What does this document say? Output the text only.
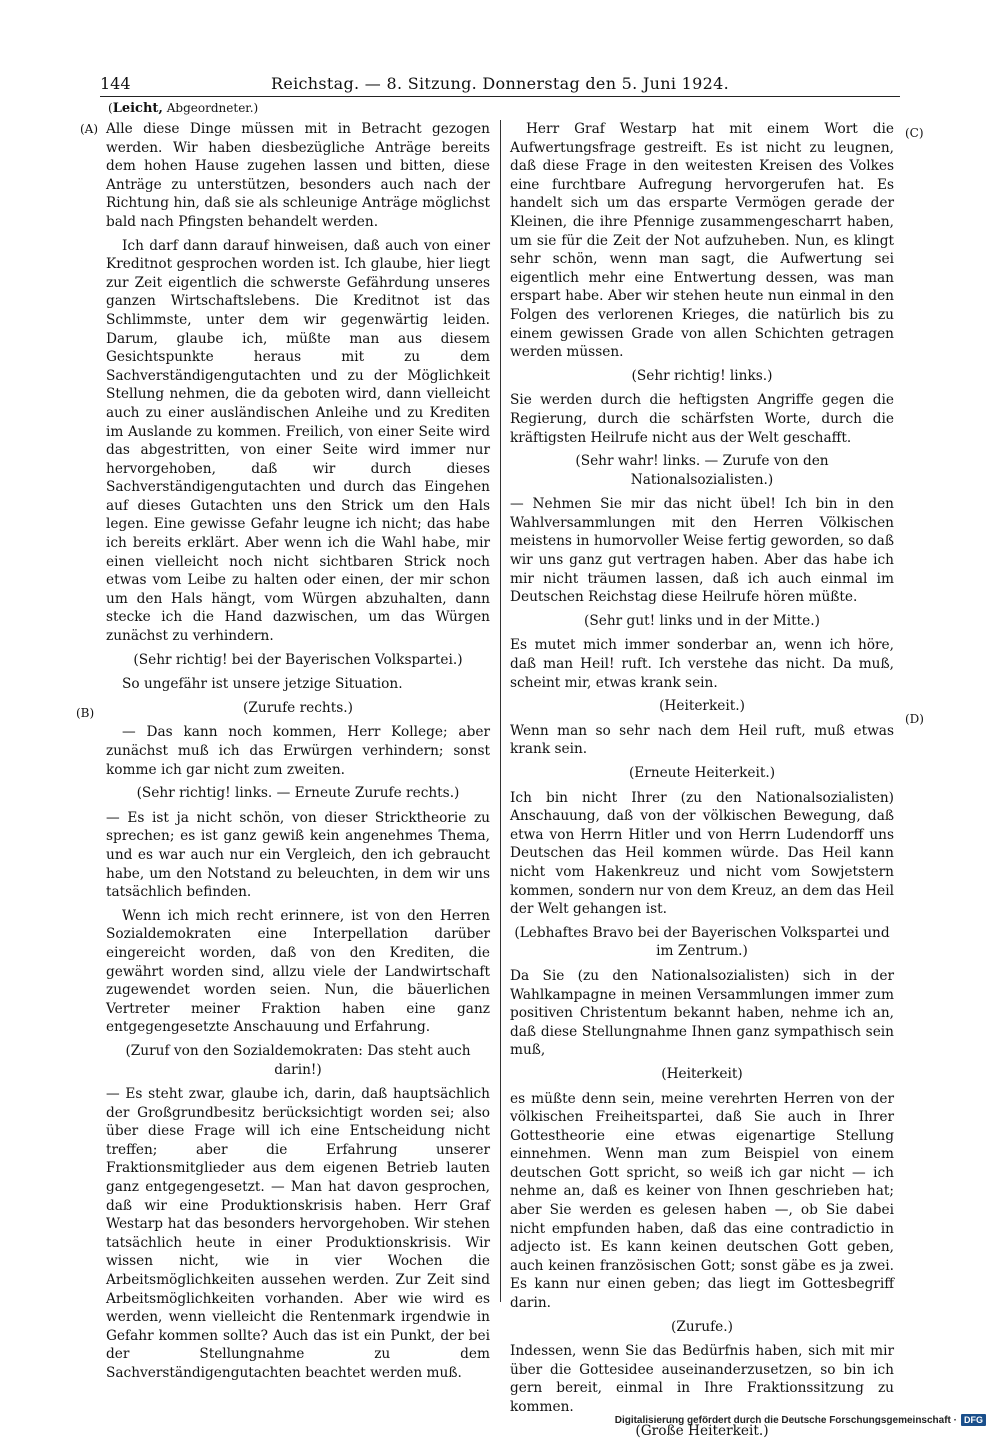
144	Reichstag. — 8. Sitzung. Donnerstag den 5. Juni 1924.
(Leicht, Abgeordneter.)
(A)
(B)
(C)
(D)

Alle diese Dinge müssen mit in Betracht gezogen werden. Wir haben diesbezügliche Anträge bereits dem hohen Hause zugehen lassen und bitten, diese Anträge zu unterstützen, besonders auch nach der Richtung hin, daß sie als schleunige Anträge möglichst bald nach Pfingsten behandelt werden.

Ich darf dann darauf hinweisen, daß auch von einer Kreditnot gesprochen worden ist. Ich glaube, hier liegt zur Zeit eigentlich die schwerste Gefährdung unseres ganzen Wirtschaftslebens. Die Kreditnot ist das Schlimmste, unter dem wir gegenwärtig leiden. Darum, glaube ich, müßte man aus diesem Gesichtspunkte heraus mit zu dem Sachverständigengutachten und zu der Möglichkeit Stellung nehmen, die da geboten wird, dann vielleicht auch zu einer ausländischen Anleihe und zu Krediten im Auslande zu kommen. Freilich, von einer Seite wird das abgestritten, von einer Seite wird immer nur hervorgehoben, daß wir durch dieses Sachverständigengutachten und durch das Eingehen auf dieses Gutachten uns den Strick um den Hals legen. Eine gewisse Gefahr leugne ich nicht; das habe ich bereits erklärt. Aber wenn ich die Wahl habe, mir einen vielleicht noch nicht sichtbaren Strick noch etwas vom Leibe zu halten oder einen, der mir schon um den Hals hängt, vom Würgen abzuhalten, dann stecke ich die Hand dazwischen, um das Würgen zunächst zu verhindern.

(Sehr richtig! bei der Bayerischen Volkspartei.)

So ungefähr ist unsere jetzige Situation.

(Zurufe rechts.)

— Das kann noch kommen, Herr Kollege; aber zunächst muß ich das Erwürgen verhindern; sonst komme ich gar nicht zum zweiten.

(Sehr richtig! links. — Erneute Zurufe rechts.)

— Es ist ja nicht schön, von dieser Stricktheorie zu sprechen; es ist ganz gewiß kein angenehmes Thema, und es war auch nur ein Vergleich, den ich gebraucht habe, um den Notstand zu beleuchten, in dem wir uns tatsächlich befinden.

Wenn ich mich recht erinnere, ist von den Herren Sozialdemokraten eine Interpellation darüber eingereicht worden, daß von den Krediten, die gewährt worden sind, allzu viele der Landwirtschaft zugewendet worden seien. Nun, die bäuerlichen Vertreter meiner Fraktion haben eine ganz entgegengesetzte Anschauung und Erfahrung.

(Zuruf von den Sozialdemokraten: Das steht auch darin!)

— Es steht zwar, glaube ich, darin, daß hauptsächlich der Großgrundbesitz berücksichtigt worden sei; also über diese Frage will ich eine Entscheidung nicht treffen; aber die Erfahrung unserer Fraktionsmitglieder aus dem eigenen Betrieb lauten ganz entgegengesetzt. — Man hat davon gesprochen, daß wir eine Produktionskrisis haben. Herr Graf Westarp hat das besonders hervorgehoben. Wir stehen tatsächlich heute in einer Produktionskrisis. Wir wissen nicht, wie in vier Wochen die Arbeitsmöglichkeiten aussehen werden. Zur Zeit sind Arbeitsmöglichkeiten vorhanden. Aber wie wird es werden, wenn vielleicht die Rentenmark irgendwie in Gefahr kommen sollte? Auch das ist ein Punkt, der bei der Stellungnahme zu dem Sachverständigengutachten beachtet werden muß.

Herr Graf Westarp hat mit einem Wort die Aufwertungsfrage gestreift. Es ist nicht zu leugnen, daß diese Frage in den weitesten Kreisen des Volkes eine furchtbare Aufregung hervorgerufen hat. Es handelt sich um das ersparte Vermögen gerade der Kleinen, die ihre Pfennige zusammengescharrt haben, um sie für die Zeit der Not aufzuheben. Nun, es klingt sehr schön, wenn man sagt, die Aufwertung sei eigentlich mehr eine Entwertung dessen, was man erspart habe. Aber wir stehen heute nun einmal in den Folgen des verlorenen Krieges, die natürlich bis zu einem gewissen Grade von allen Schichten getragen werden müssen.

(Sehr richtig! links.)

Sie werden durch die heftigsten Angriffe gegen die Regierung, durch die schärfsten Worte, durch die kräftigsten Heilrufe nicht aus der Welt geschafft.

(Sehr wahr! links. — Zurufe von den Nationalsozialisten.)

— Nehmen Sie mir das nicht übel! Ich bin in den Wahlversammlungen mit den Herren Völkischen meistens in humorvoller Weise fertig geworden, so daß wir uns ganz gut vertragen haben. Aber das habe ich mir nicht träumen lassen, daß ich auch einmal im Deutschen Reichstag diese Heilrufe hören müßte.

(Sehr gut! links und in der Mitte.)

Es mutet mich immer sonderbar an, wenn ich höre, daß man Heil! ruft. Ich verstehe das nicht. Da muß, scheint mir, etwas krank sein.

(Heiterkeit.)

Wenn man so sehr nach dem Heil ruft, muß etwas krank sein.

(Erneute Heiterkeit.)

Ich bin nicht Ihrer (zu den Nationalsozialisten) Anschauung, daß von der völkischen Bewegung, daß etwa von Herrn Hitler und von Herrn Ludendorff uns Deutschen das Heil kommen würde. Das Heil kann nicht vom Hakenkreuz und nicht vom Sowjetstern kommen, sondern nur von dem Kreuz, an dem das Heil der Welt gehangen ist.

(Lebhaftes Bravo bei der Bayerischen Volkspartei und im Zentrum.)

Da Sie (zu den Nationalsozialisten) sich in der Wahlkampagne in meinen Versammlungen immer zum positiven Christentum bekannt haben, nehme ich an, daß diese Stellungnahme Ihnen ganz sympathisch sein muß,

(Heiterkeit)

es müßte denn sein, meine verehrten Herren von der völkischen Freiheitspartei, daß Sie auch in Ihrer Gottestheorie eine etwas eigenartige Stellung einnehmen. Wenn man zum Beispiel von einem deutschen Gott spricht, so weiß ich gar nicht — ich nehme an, daß es keiner von Ihnen geschrieben hat; aber Sie werden es gelesen haben —, ob Sie dabei nicht empfunden haben, daß das eine contradictio in adjecto ist. Es kann keinen deutschen Gott geben, auch keinen französischen Gott; sonst gäbe es ja zwei. Es kann nur einen geben; das liegt im Gottesbegriff darin.

(Zurufe.)

Indessen, wenn Sie das Bedürfnis haben, sich mit mir über die Gottesidee auseinanderzusetzen, so bin ich gern bereit, einmal in Ihre Fraktionssitzung zu kommen.

(Große Heiterkeit.)

Digitalisierung gefördert durch die Deutsche Forschungsgemeinschaft · DFG
